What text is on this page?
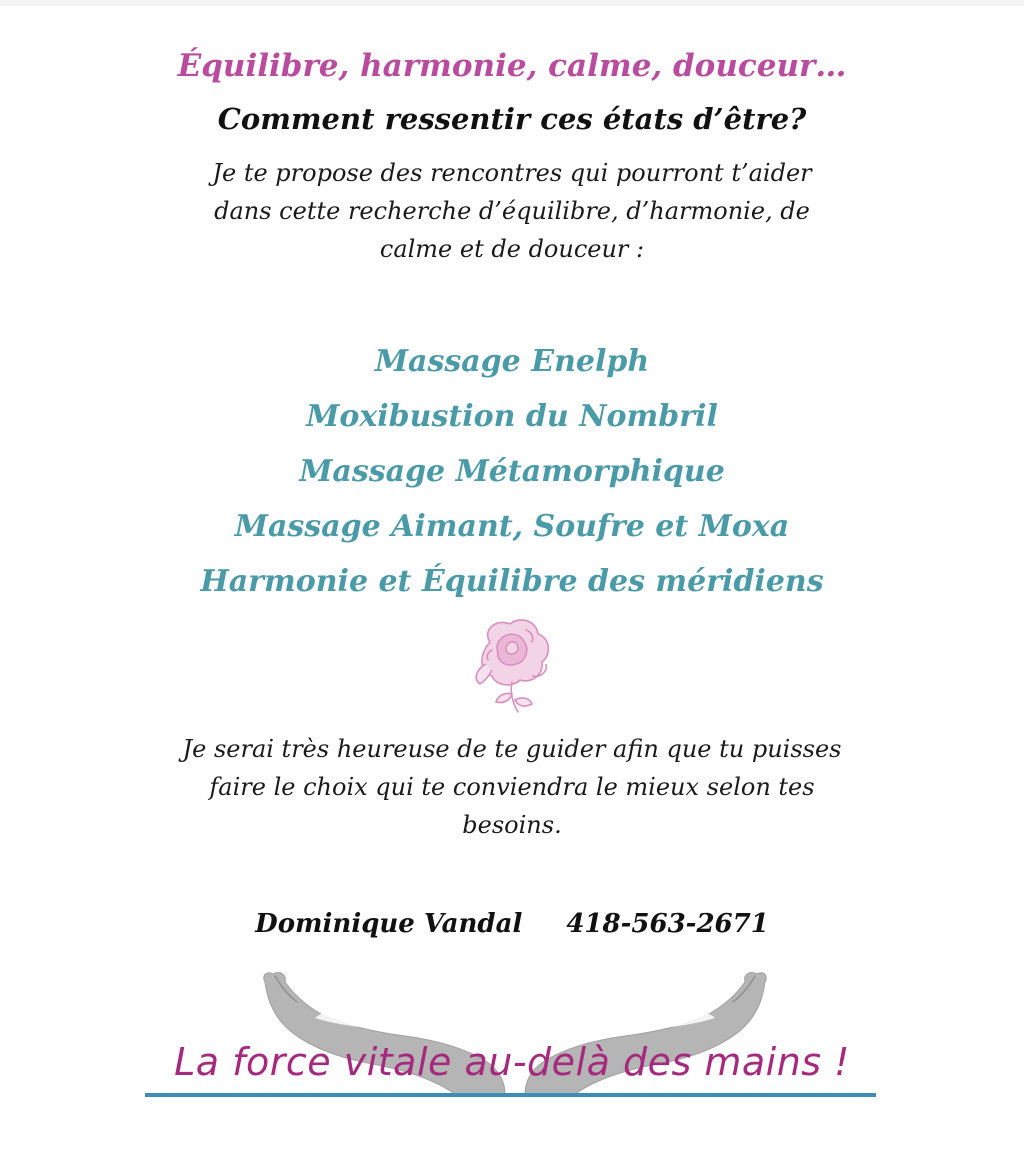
Équilibre, harmonie, calme, douceur…
Comment ressentir ces états d’être?
Je te propose des rencontres qui pourront t’aider
dans cette recherche d’équilibre, d’harmonie, de
calme et de douceur :
Massage Enelph
Moxibustion du Nombril
Massage Métamorphique
Massage Aimant, Soufre et Moxa
Harmonie et Équilibre des méridiens
Je serai très heureuse de te guider afin que tu puisses
faire le choix qui te conviendra le mieux selon tes
besoins.
Dominique Vandal 418-563-2671
La force vitale au-delà des mains !
